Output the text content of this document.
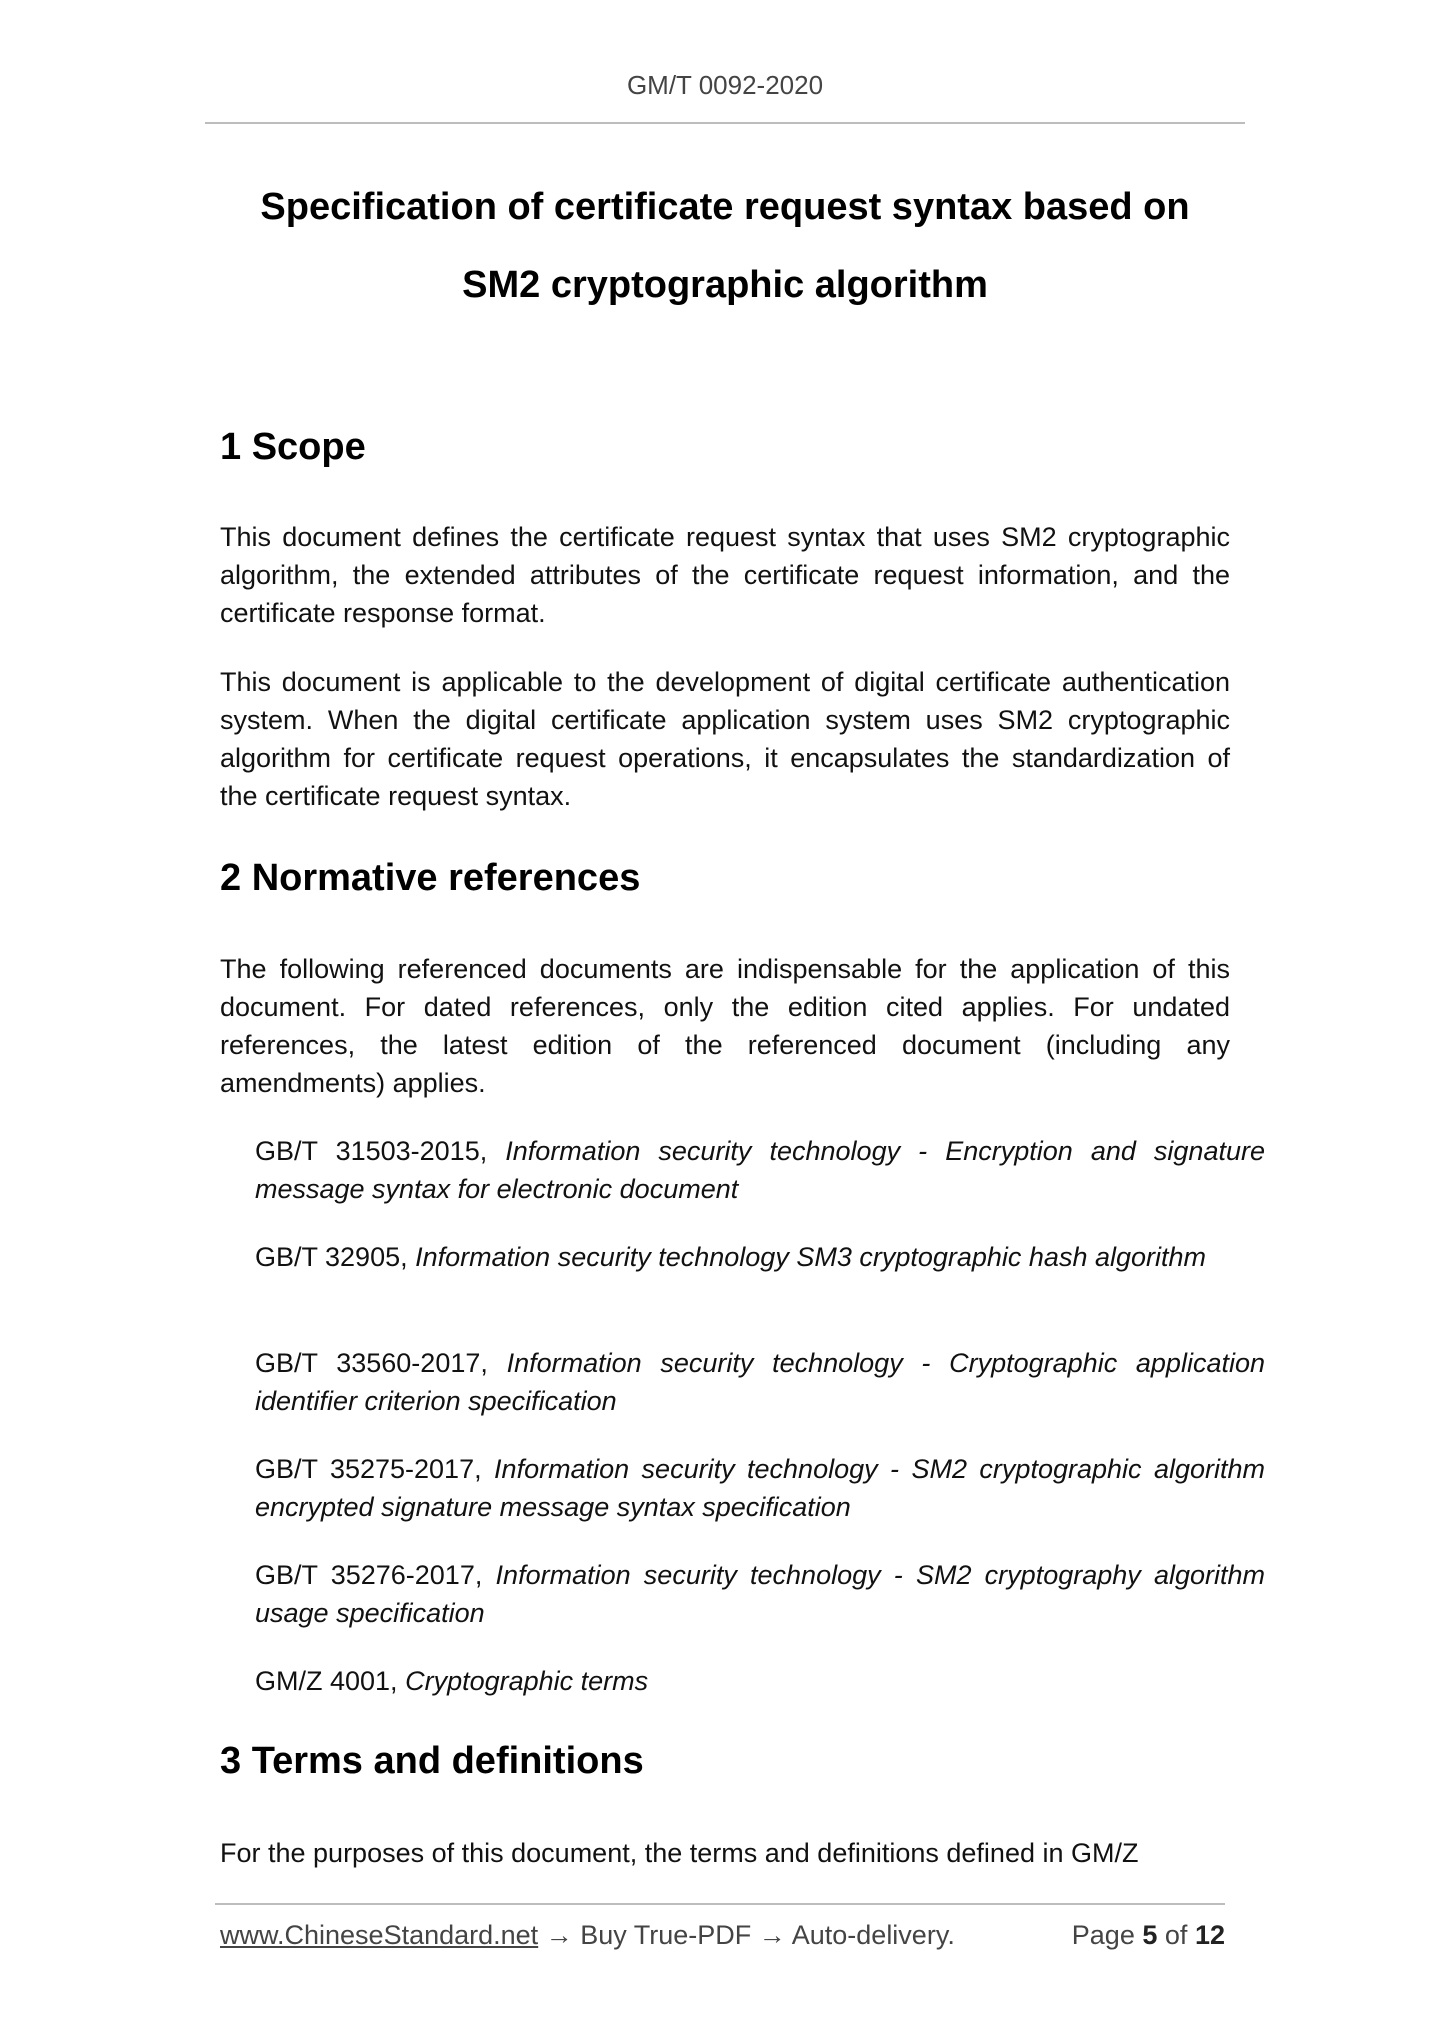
GM/T 0092-2020
Specification of certificate request syntax based on
SM2 cryptographic algorithm
1 Scope

This document defines the certificate request syntax that uses SM2 cryptographic algorithm, the extended attributes of the certificate request information, and the certificate response format.

This document is applicable to the development of digital certificate authentication system. When the digital certificate application system uses SM2 cryptographic algorithm for certificate request operations, it encapsulates the standardization of the certificate request syntax.

2 Normative references

The following referenced documents are indispensable for the application of this document. For dated references, only the edition cited applies. For undated references, the latest edition of the referenced document (including any amendments) applies.

GB/T 31503-2015, Information security technology - Encryption and signature message syntax for electronic document

GB/T 32905, Information security technology SM3 cryptographic hash algorithm

GB/T 33560-2017, Information security technology - Cryptographic application identifier criterion specification

GB/T 35275-2017, Information security technology - SM2 cryptographic algorithm encrypted signature message syntax specification

GB/T 35276-2017, Information security technology - SM2 cryptography algorithm usage specification

GM/Z 4001, Cryptographic terms

3 Terms and definitions

For the purposes of this document, the terms and definitions defined in GM/Z

www.ChineseStandard.net → Buy True-PDF → Auto-delivery.	Page 5 of 12
